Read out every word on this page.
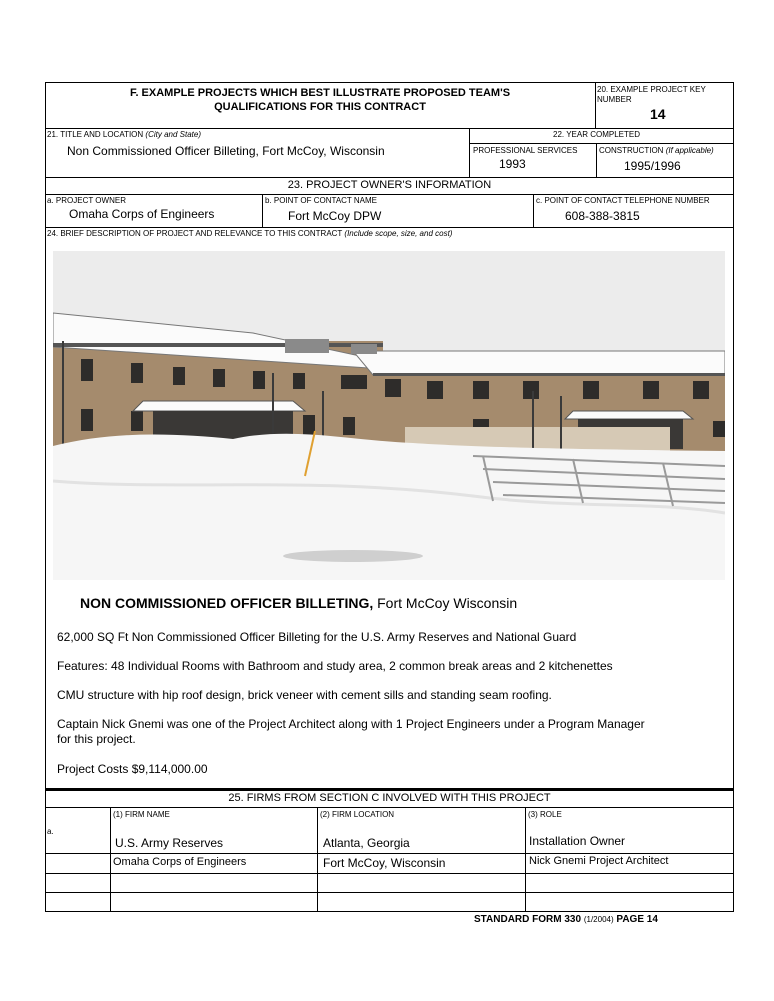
F. EXAMPLE PROJECTS WHICH BEST ILLUSTRATE PROPOSED TEAM'S
QUALIFICATIONS FOR THIS CONTRACT
20. EXAMPLE PROJECT KEY
NUMBER
14
21. TITLE AND LOCATION (City and State)
Non Commissioned Officer Billeting, Fort McCoy, Wisconsin
22. YEAR COMPLETED
PROFESSIONAL SERVICES
1993
CONSTRUCTION (If applicable)
1995/1996
23. PROJECT OWNER'S INFORMATION
a. PROJECT OWNER
Omaha Corps of Engineers
b. POINT OF CONTACT NAME
Fort McCoy DPW
c. POINT OF CONTACT TELEPHONE NUMBER
608-388-3815
24. BRIEF DESCRIPTION OF PROJECT AND RELEVANCE TO THIS CONTRACT (Include scope, size, and cost)
NON COMMISSIONED OFFICER BILLETING, Fort McCoy Wisconsin
62,000 SQ Ft Non Commissioned Officer Billeting for the U.S. Army Reserves and National Guard
Features: 48 Individual Rooms with Bathroom and study area, 2 common break areas and 2 kitchenettes
CMU structure with hip roof design, brick veneer with cement sills and standing seam roofing.
Captain Nick Gnemi was one of the Project Architect along with 1 Project Engineers under a Program Manager
for this project.
Project Costs $9,114,000.00
25. FIRMS FROM SECTION C INVOLVED WITH THIS PROJECT
(1) FIRM NAME	(2) FIRM LOCATION	(3) ROLE
a.
U.S. Army Reserves	Atlanta, Georgia	Installation Owner
Omaha Corps of Engineers	Fort McCoy, Wisconsin	Nick Gnemi Project Architect
STANDARD FORM 330 (1/2004) PAGE 14
